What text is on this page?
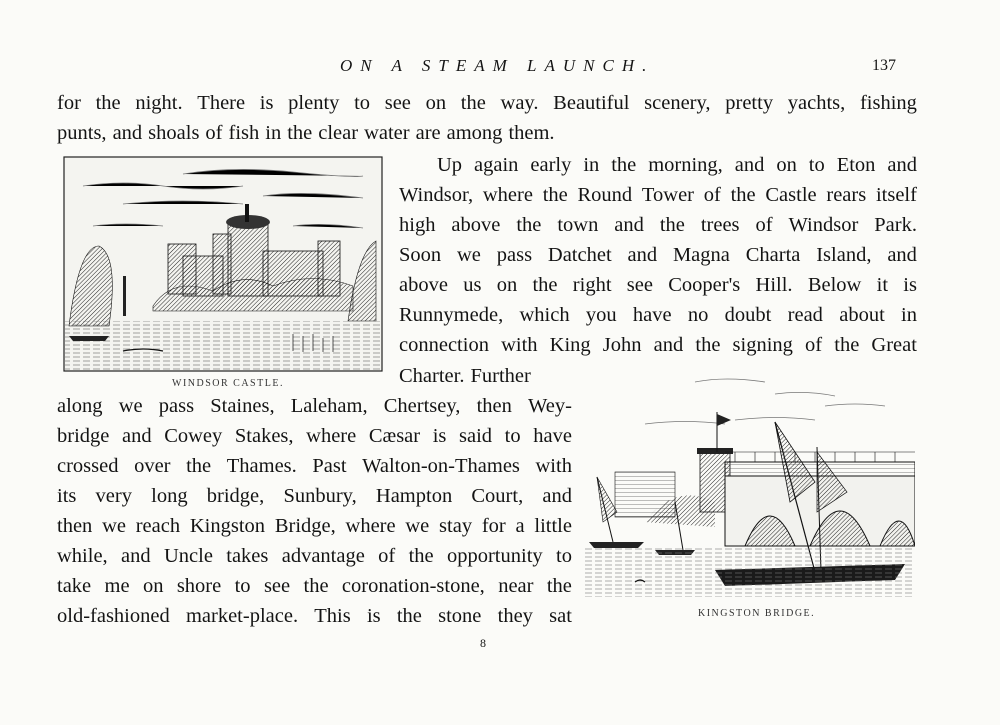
ON A STEAM LAUNCH.	137
for the night. There is plenty to see on the way. Beautiful scenery, pretty yachts, fishing
punts, and shoals of fish in the clear water are among them.
Up again early in the morning, and on to Eton and
Windsor, where the Round Tower of the Castle rears itself
high above the town and the trees of Windsor Park.
Soon we pass Datchet and Magna Charta Island, and
above us on the right see Cooper's Hill. Below it is
Runnymede, which you have no doubt read about in
connection with King John and the signing of the Great
Charter. Further
along we pass Staines, Laleham, Chertsey, then Wey-
bridge and Cowey Stakes, where Cæsar is said to have
crossed over the Thames. Past Walton-on-Thames with
its very long bridge, Sunbury, Hampton Court, and
then we reach Kingston Bridge, where we stay for a little
while, and Uncle takes advantage of the opportunity to
take me on shore to see the coronation-stone, near the
old-fashioned market-place. This is the stone they sat
WINDSOR CASTLE.
KINGSTON BRIDGE.
8
